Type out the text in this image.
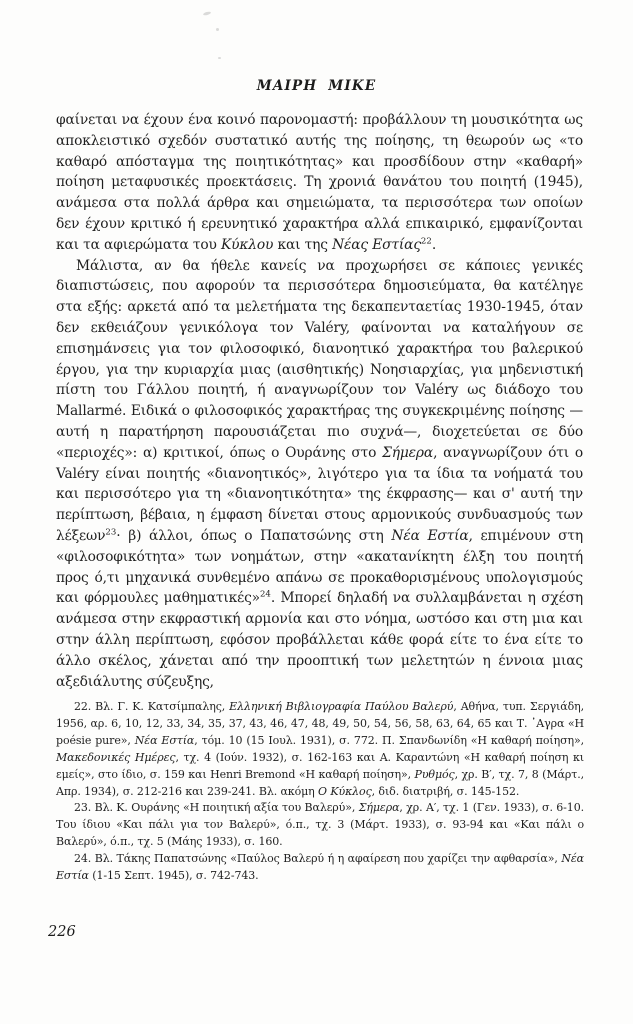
ΜΑΙΡΗ ΜΙΚΕ

φαίνεται να έχουν ένα κοινό παρονομαστή: προβάλλουν τη μουσικότητα ως αποκλειστικό σχεδόν συστατικό αυτής της ποίησης, τη θεωρούν ως «το καθαρό απόσταγμα της ποιητικότητας» και προσδίδουν στην «καθαρή» ποίηση μεταφυσικές προεκτάσεις. Τη χρονιά θανάτου του ποιητή (1945), ανάμεσα στα πολλά άρθρα και σημειώματα, τα περισσότερα των οποίων δεν έχουν κριτικό ή ερευνητικό χαρακτήρα αλλά επικαιρικό, εμφανίζονται και τα αφιερώματα του Κύκλου και της Νέας Εστίας$^{22}$.

Μάλιστα, αν θα ήθελε κανείς να προχωρήσει σε κάποιες γενικές διαπιστώσεις, που αφορούν τα περισσότερα δημοσιεύματα, θα κατέληγε στα εξής: αρκετά από τα μελετήματα της δεκαπενταετίας 1930-1945, όταν δεν εκθειάζουν γενικόλογα τον Valéry, φαίνονται να καταλήγουν σε επισημάνσεις για τον φιλοσοφικό, διανοητικό χαρακτήρα του βαλερικού έργου, για την κυριαρχία μιας (αισθητικής) Νοησιαρχίας, για μηδενιστική πίστη του Γάλλου ποιητή, ή αναγνωρίζουν τον Valéry ως διάδοχο του Mallarmé. Ειδικά ο φιλοσοφικός χαρακτήρας της συγκεκριμένης ποίησης —αυτή η παρατήρηση παρουσιάζεται πιο συχνά—, διοχετεύεται σε δύο «περιοχές»: α) κριτικοί, όπως ο Ουράνης στο Σήμερα, αναγνωρίζουν ότι ο Valéry είναι ποιητής «διανοητικός», λιγότερο για τα ίδια τα νοήματά του και περισσότερο για τη «διανοητικότητα» της έκφρασης— και σ' αυτή την περίπτωση, βέβαια, η έμφαση δίνεται στους αρμονικούς συνδυασμούς των λέξεων$^{23}$· β) άλλοι, όπως ο Παπατσώνης στη Νέα Εστία, επιμένουν στη «φιλοσοφικότητα» των νοημάτων, στην «ακατανίκητη έλξη του ποιητή προς ό,τι μηχανικά συνθεμένο απάνω σε προκαθορισμένους υπολογισμούς και φόρμουλες μαθηματικές»$^{24}$. Μπορεί δηλαδή να συλλαμβάνεται η σχέση ανάμεσα στην εκφραστική αρμονία και στο νόημα, ωστόσο και στη μια και στην άλλη περίπτωση, εφόσον προβάλλεται κάθε φορά είτε το ένα είτε το άλλο σκέλος, χάνεται από την προοπτική των μελετητών η έννοια μιας αξεδιάλυτης σύζευξης,

22. Βλ. Γ. Κ. Κατσίμπαλης, Ελληνική Βιβλιογραφία Παύλου Βαλερύ, Αθήνα, τυπ. Σεργιάδη, 1956, αρ. 6, 10, 12, 33, 34, 35, 37, 43, 46, 47, 48, 49, 50, 54, 56, 58, 63, 64, 65 και Τ. ᾿Αγρα «Η poésie pure», Νέα Εστία, τόμ. 10 (15 Ιουλ. 1931), σ. 772. Π. Σπανδωνίδη «Η καθαρή ποίηση», Μακεδονικές Ημέρες, τχ. 4 (Ιούν. 1932), σ. 162-163 και Α. Καραντώνη «Η καθαρή ποίηση κι εμείς», στο ίδιο, σ. 159 και Henri Bremond «Η καθαρή ποίηση», Ρυθμός, χρ. Β′, τχ. 7, 8 (Μάρτ., Απρ. 1934), σ. 212-216 και 239-241. Βλ. ακόμη Ο Κύκλος, διδ. διατριβή, σ. 145-152.

23. Βλ. Κ. Ουράνης «Η ποιητική αξία του Βαλερύ», Σήμερα, χρ. Α′, τχ. 1 (Γεν. 1933), σ. 6-10. Του ίδιου «Και πάλι για τον Βαλερύ», ό.π., τχ. 3 (Μάρτ. 1933), σ. 93-94 και «Και πάλι ο Βαλερύ», ό.π., τχ. 5 (Μάης 1933), σ. 160.

24. Βλ. Τάκης Παπατσώνης «Παύλος Βαλερύ ή η αφαίρεση που χαρίζει την αφθαρσία», Νέα Εστία (1-15 Σεπτ. 1945), σ. 742-743.

226
